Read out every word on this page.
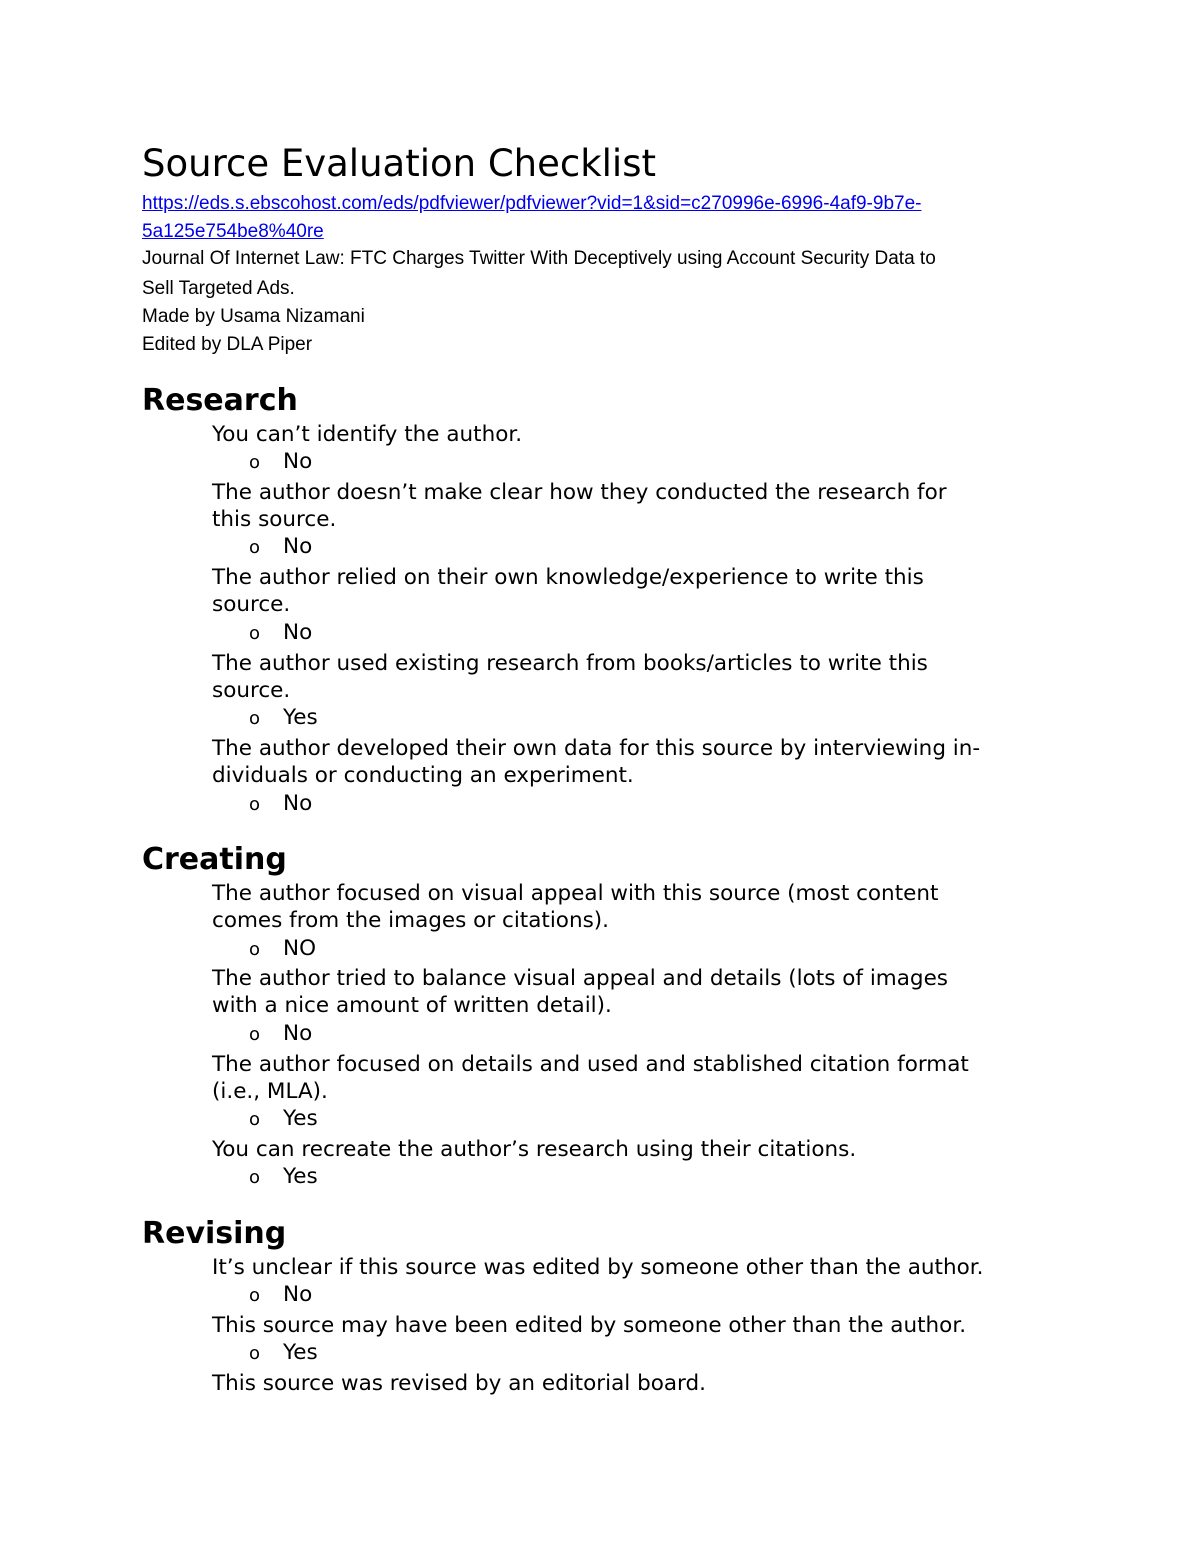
Source Evaluation Checklist
https://eds.s.ebscohost.com/eds/pdfviewer/pdfviewer?vid=1&sid=c270996e-6996-4af9-9b7e-
5a125e754be8%40re
Journal Of Internet Law: FTC Charges Twitter With Deceptively using Account Security Data to
Sell Targeted Ads.
Made by Usama Nizamani
Edited by DLA Piper
Research
You can’t identify the author.
o No
The author doesn’t make clear how they conducted the research for
this source.
o No
The author relied on their own knowledge/experience to write this
source.
o No
The author used existing research from books/articles to write this
source.
o Yes
The author developed their own data for this source by interviewing in-
dividuals or conducting an experiment.
o No
Creating
The author focused on visual appeal with this source (most content
comes from the images or citations).
o NO
The author tried to balance visual appeal and details (lots of images
with a nice amount of written detail).
o No
The author focused on details and used and stablished citation format
(i.e., MLA).
o Yes
You can recreate the author’s research using their citations.
o Yes
Revising
It’s unclear if this source was edited by someone other than the author.
o No
This source may have been edited by someone other than the author.
o Yes
This source was revised by an editorial board.
